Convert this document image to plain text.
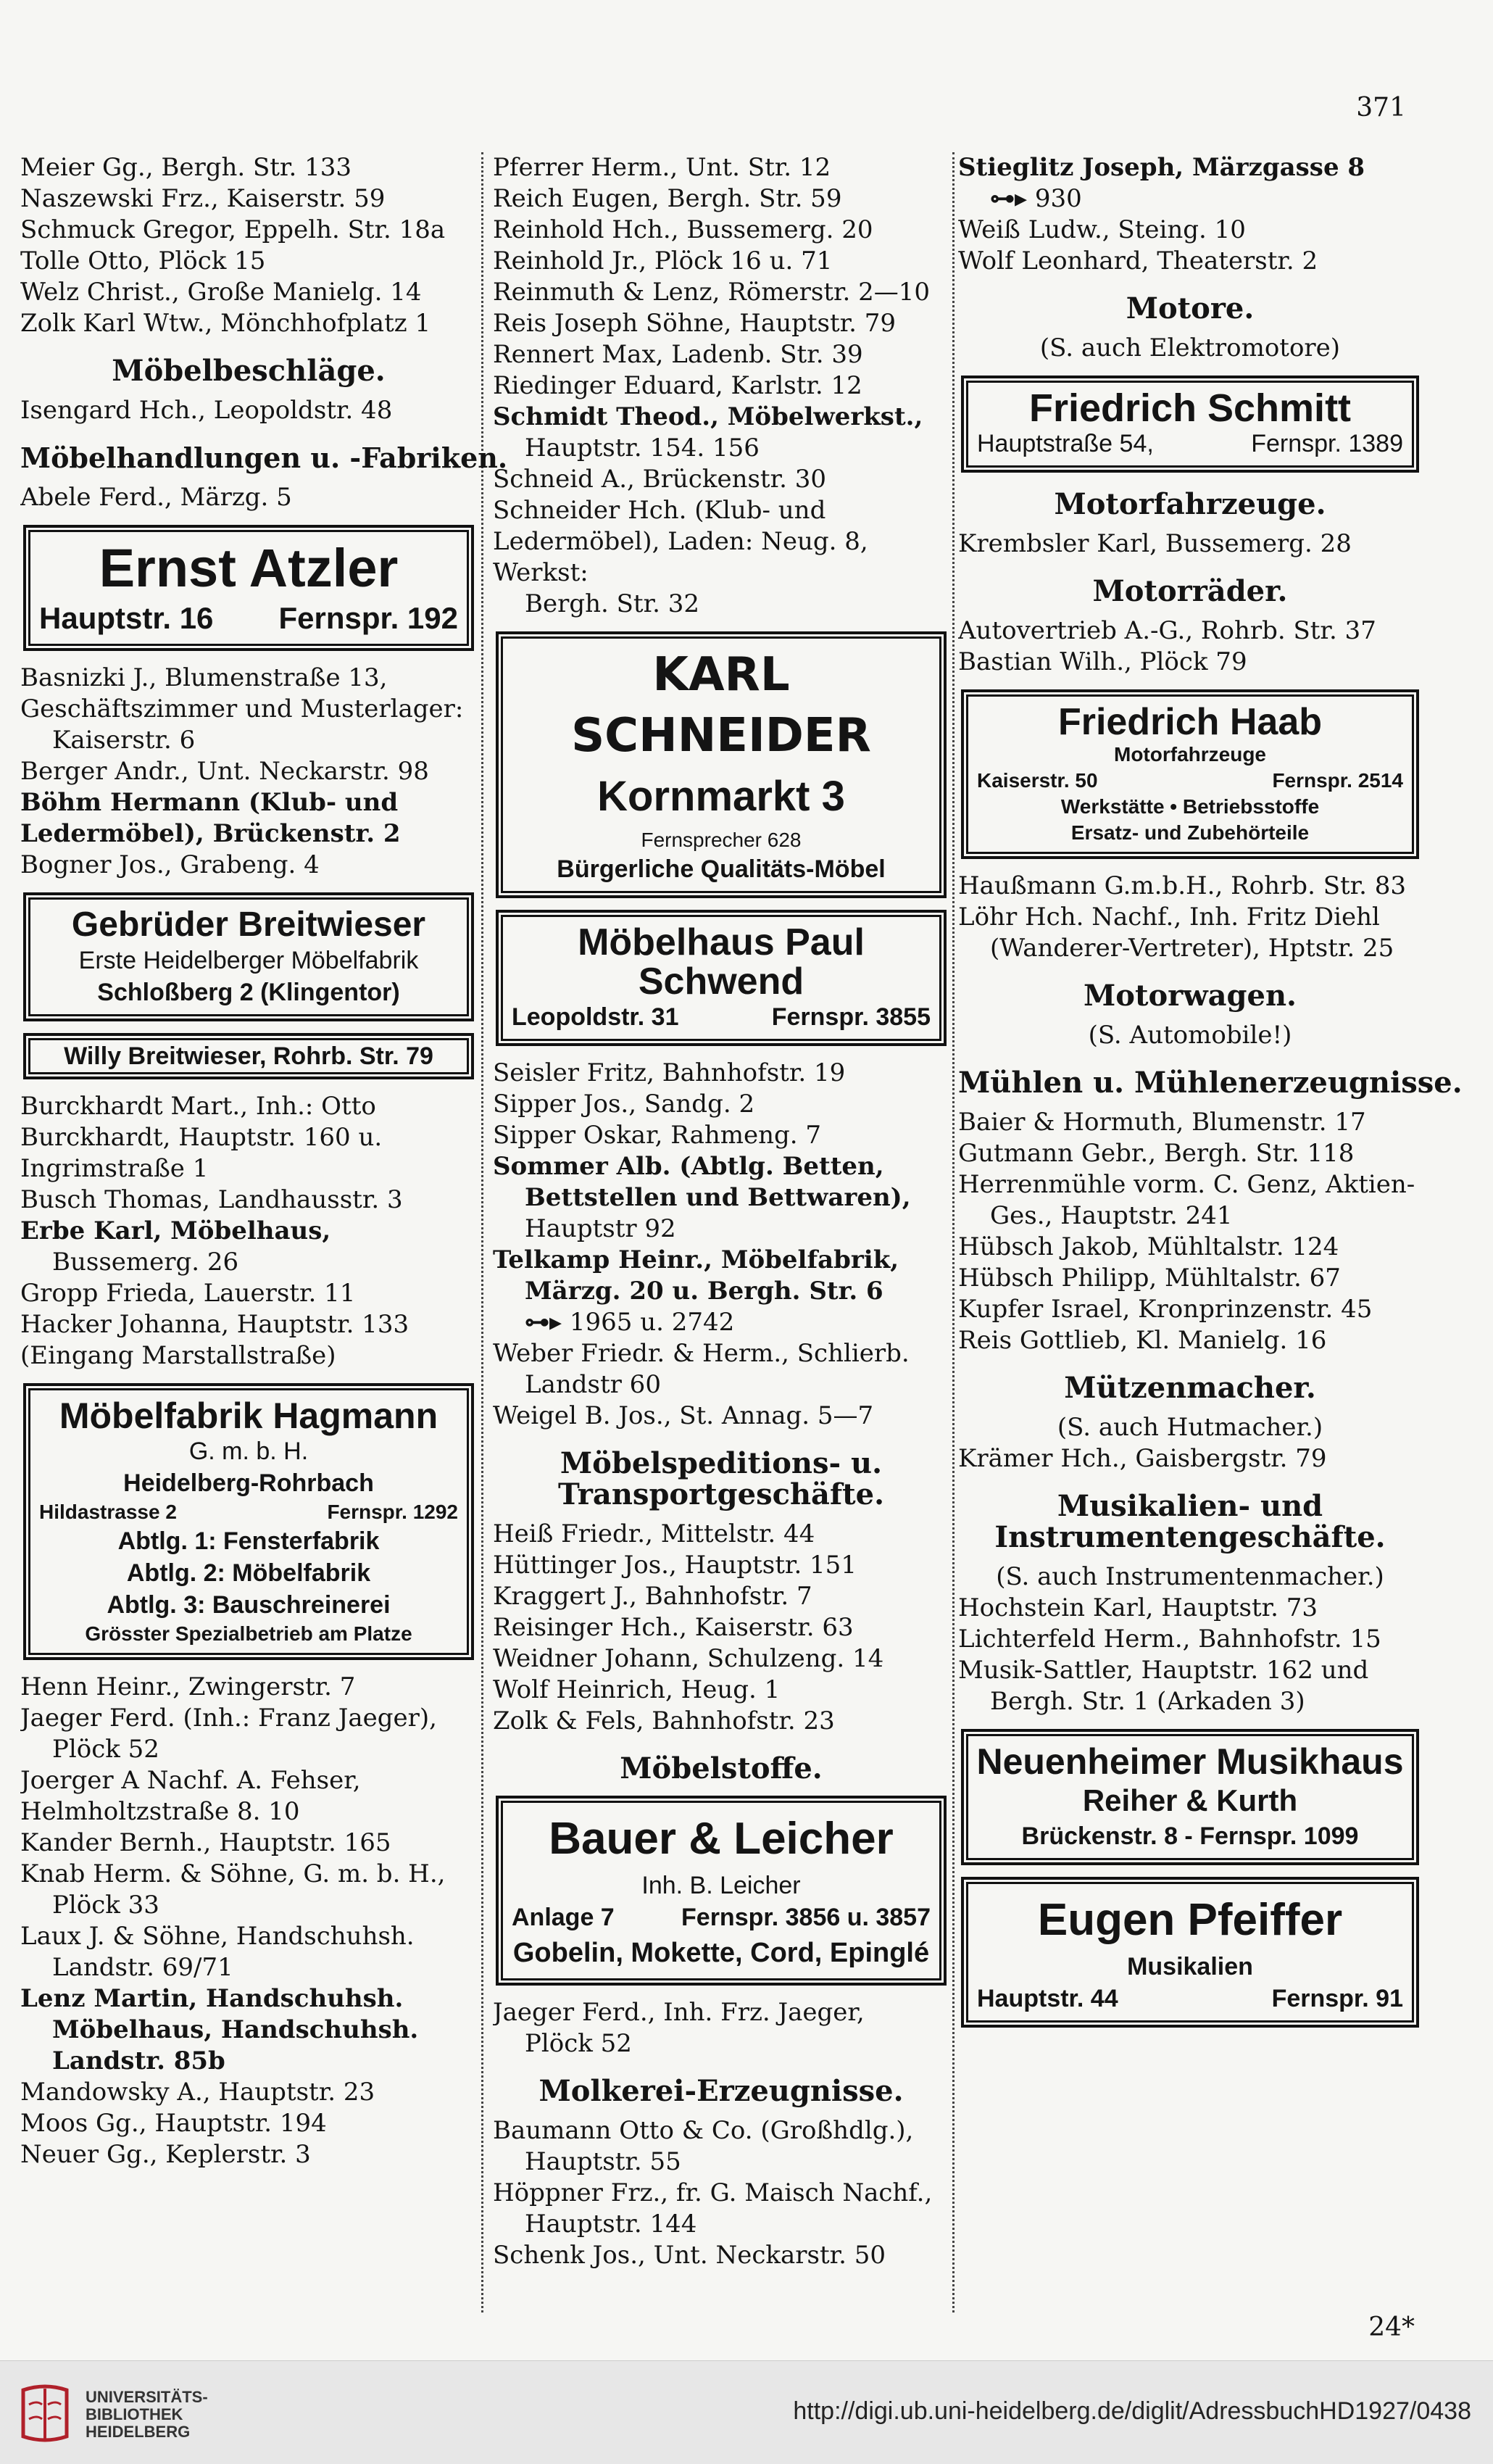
371
Meier Gg., Bergh. Str. 133
Naszewski Frz., Kaiserstr. 59
Schmuck Gregor, Eppelh. Str. 18a
Tolle Otto, Plöck 15
Welz Christ., Große Manielg. 14
Zolk Karl Wtw., Mönchhofplatz 1
Möbelbeschläge.
Isengard Hch., Leopoldstr. 48
Möbelhandlungen u. -Fabriken.
Abele Ferd., Märzg. 5
Ernst Atzler
Hauptstr. 16 Fernspr. 192
Basnizki J., Blumenstraße 13, Geschäftszimmer und Musterlager:
Kaiserstr. 6
Berger Andr., Unt. Neckarstr. 98
Böhm Hermann (Klub- und
Ledermöbel), Brückenstr. 2
Bogner Jos., Grabeng. 4
Gebrüder Breitwieser
Erste Heidelberger Möbelfabrik
Schloßberg 2 (Klingentor)
Willy Breitwieser, Rohrb. Str. 79
Burckhardt Mart., Inh.: Otto Burckhardt, Hauptstr. 160 u. Ingrimstraße 1
Busch Thomas, Landhausstr. 3
Erbe Karl, Möbelhaus,
Bussemerg. 26
Gropp Frieda, Lauerstr. 11
Hacker Johanna, Hauptstr. 133 (Eingang Marstallstraße)
Möbelfabrik Hagmann
G. m. b. H.
Heidelberg-Rohrbach
Hildastrasse 2	Fernspr. 1292
Abtlg. 1: Fensterfabrik
Abtlg. 2: Möbelfabrik
Abtlg. 3: Bauschreinerei
Grösster Spezialbetrieb am Platze
Henn Heinr., Zwingerstr. 7
Jaeger Ferd. (Inh.: Franz Jaeger),
Plöck 52
Joerger A Nachf. A. Fehser, Helmholtzstraße 8. 10
Kander Bernh., Hauptstr. 165
Knab Herm. & Söhne, G. m. b. H.,
Plöck 33
Laux J. & Söhne, Handschuhsh.
Landstr. 69/71
Lenz Martin, Handschuhsh.
Möbelhaus, Handschuhsh.
Landstr. 85b
Mandowsky A., Hauptstr. 23
Moos Gg., Hauptstr. 194
Neuer Gg., Keplerstr. 3
Pferrer Herm., Unt. Str. 12
Reich Eugen, Bergh. Str. 59
Reinhold Hch., Bussemerg. 20
Reinhold Jr., Plöck 16 u. 71
Reinmuth & Lenz, Römerstr. 2—10
Reis Joseph Söhne, Hauptstr. 79
Rennert Max, Ladenb. Str. 39
Riedinger Eduard, Karlstr. 12
Schmidt Theod., Möbelwerkst.,
Hauptstr. 154. 156
Schneid A., Brückenstr. 30
Schneider Hch. (Klub- und Ledermöbel), Laden: Neug. 8, Werkst:
Bergh. Str. 32
KARL SCHNEIDER
Kornmarkt 3
Fernsprecher 628
Bürgerliche Qualitäts-Möbel
Möbelhaus Paul Schwend
Leopoldstr. 31	Fernspr. 3855
Seisler Fritz, Bahnhofstr. 19
Sipper Jos., Sandg. 2
Sipper Oskar, Rahmeng. 7
Sommer Alb. (Abtlg. Betten,
Bettstellen und Bettwaren),
Hauptstr 92
Telkamp Heinr., Möbelfabrik,
Märzg. 20 u. Bergh. Str. 6
⊶▸ 1965 u. 2742
Weber Friedr. & Herm., Schlierb.
Landstr 60
Weigel B. Jos., St. Annag. 5—7
Möbelspeditions- u. Transportgeschäfte.
Heiß Friedr., Mittelstr. 44
Hüttinger Jos., Hauptstr. 151
Kraggert J., Bahnhofstr. 7
Reisinger Hch., Kaiserstr. 63
Weidner Johann, Schulzeng. 14
Wolf Heinrich, Heug. 1
Zolk & Fels, Bahnhofstr. 23
Möbelstoffe.
Bauer & Leicher
Inh. B. Leicher
Anlage 7	Fernspr. 3856 u. 3857
Gobelin, Mokette, Cord, Epinglé
Jaeger Ferd., Inh. Frz. Jaeger,
Plöck 52
Molkerei-Erzeugnisse.
Baumann Otto & Co. (Großhdlg.),
Hauptstr. 55
Höppner Frz., fr. G. Maisch Nachf.,
Hauptstr. 144
Schenk Jos., Unt. Neckarstr. 50
Stieglitz Joseph, Märzgasse 8
⊶▸ 930
Weiß Ludw., Steing. 10
Wolf Leonhard, Theaterstr. 2
Motore.
(S. auch Elektromotore)
Friedrich Schmitt
Hauptstraße 54,	Fernspr. 1389
Motorfahrzeuge.
Krembsler Karl, Bussemerg. 28
Motorräder.
Autovertrieb A.-G., Rohrb. Str. 37
Bastian Wilh., Plöck 79
Friedrich Haab
Motorfahrzeuge
Kaiserstr. 50	Fernspr. 2514
Werkstätte • Betriebsstoffe
Ersatz- und Zubehörteile
Haußmann G.m.b.H., Rohrb. Str. 83
Löhr Hch. Nachf., Inh. Fritz Diehl
(Wanderer-Vertreter), Hptstr. 25
Motorwagen.
(S. Automobile!)
Mühlen u. Mühlenerzeugnisse.
Baier & Hormuth, Blumenstr. 17
Gutmann Gebr., Bergh. Str. 118
Herrenmühle vorm. C. Genz, Aktien-
Ges., Hauptstr. 241
Hübsch Jakob, Mühltalstr. 124
Hübsch Philipp, Mühltalstr. 67
Kupfer Israel, Kronprinzenstr. 45
Reis Gottlieb, Kl. Manielg. 16
Mützenmacher.
(S. auch Hutmacher.)
Krämer Hch., Gaisbergstr. 79
Musikalien- und Instrumentengeschäfte.
(S. auch Instrumentenmacher.)
Hochstein Karl, Hauptstr. 73
Lichterfeld Herm., Bahnhofstr. 15
Musik-Sattler, Hauptstr. 162 und
Bergh. Str. 1 (Arkaden 3)
Neuenheimer Musikhaus
Reiher & Kurth
Brückenstr. 8 - Fernspr. 1099
Eugen Pfeiffer
Musikalien
Hauptstr. 44	Fernspr. 91
24*
UNIVERSITÄTS-
BIBLIOTHEK
HEIDELBERG
http://digi.ub.uni-heidelberg.de/diglit/AdressbuchHD1927/0438
